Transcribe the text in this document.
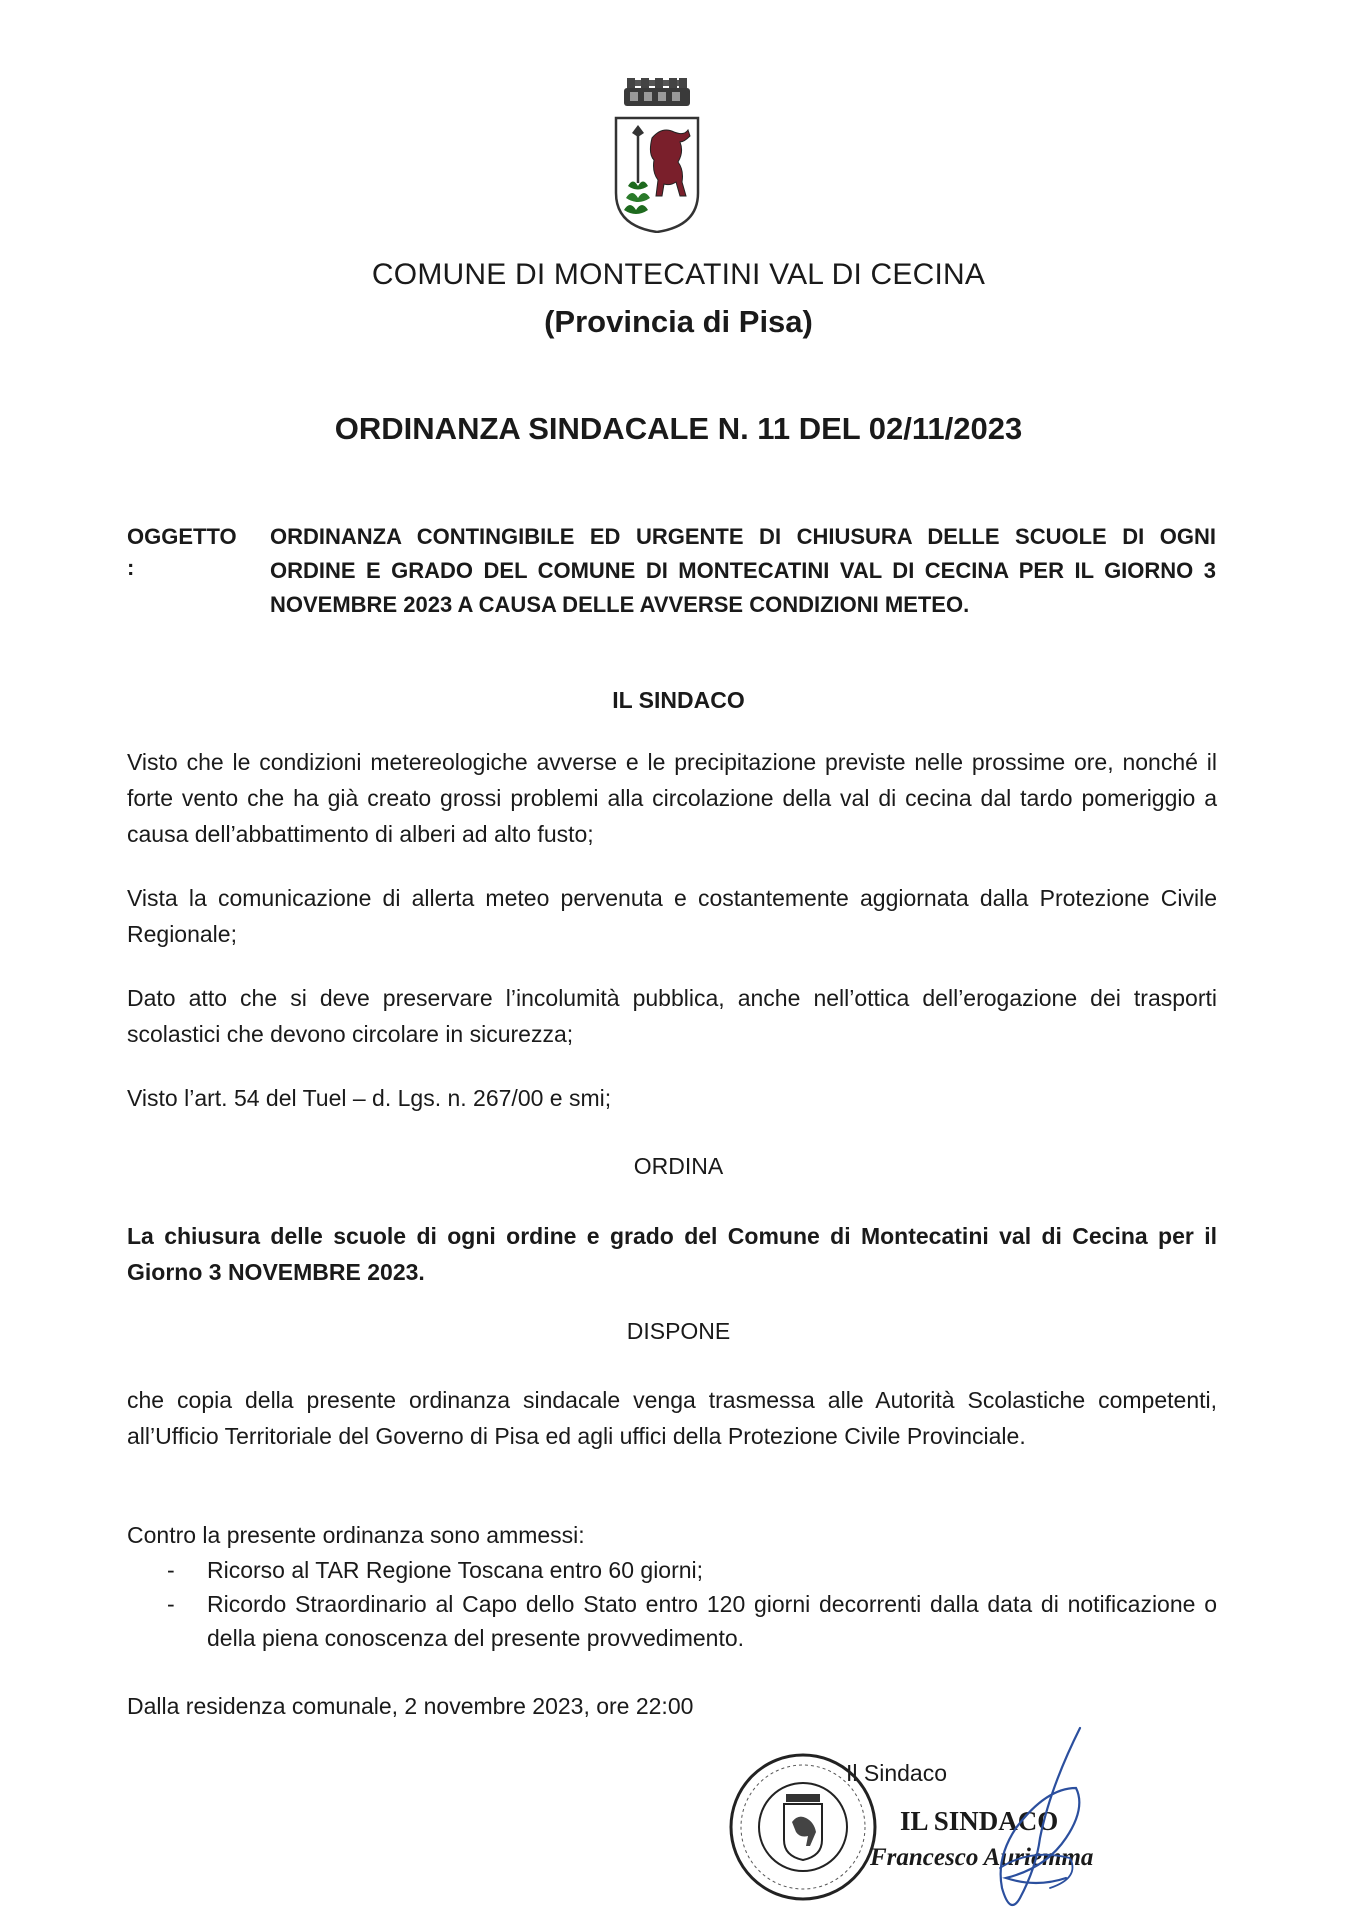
COMUNE DI MONTECATINI VAL DI CECINA
(Provincia di Pisa)
ORDINANZA SINDACALE N. 11 DEL 02/11/2023
OGGETTO
:
ORDINANZA CONTINGIBILE ED URGENTE DI CHIUSURA DELLE SCUOLE DI OGNI ORDINE E GRADO DEL COMUNE DI MONTECATINI VAL DI CECINA PER IL GIORNO 3 NOVEMBRE 2023 A CAUSA DELLE AVVERSE CONDIZIONI METEO.
IL SINDACO
Visto che le condizioni metereologiche avverse e le precipitazione previste nelle prossime ore, nonché il forte vento che ha già creato grossi problemi alla circolazione della val di cecina dal tardo pomeriggio a causa dell’abbattimento di alberi ad alto fusto;
Vista la comunicazione di allerta meteo pervenuta e costantemente aggiornata dalla Protezione Civile Regionale;
Dato atto che si deve preservare l’incolumità pubblica, anche nell’ottica dell’erogazione dei trasporti scolastici che devono circolare in sicurezza;
Visto l’art. 54 del Tuel – d. Lgs. n. 267/00 e smi;
ORDINA
La chiusura delle scuole di ogni ordine e grado del Comune di Montecatini val di Cecina per il Giorno 3 NOVEMBRE 2023.
DISPONE
che copia della presente ordinanza sindacale venga trasmessa alle Autorità Scolastiche competenti, all’Ufficio Territoriale del Governo di Pisa ed agli uffici della Protezione Civile Provinciale.
Contro la presente ordinanza sono ammessi:
- Ricorso al TAR Regione Toscana entro 60 giorni;
- Ricordo Straordinario al Capo dello Stato entro 120 giorni decorrenti dalla data di notificazione o della piena conoscenza del presente provvedimento.
Dalla residenza comunale, 2 novembre 2023, ore 22:00
Il Sindaco
IL SINDACO
Francesco Auriemma
